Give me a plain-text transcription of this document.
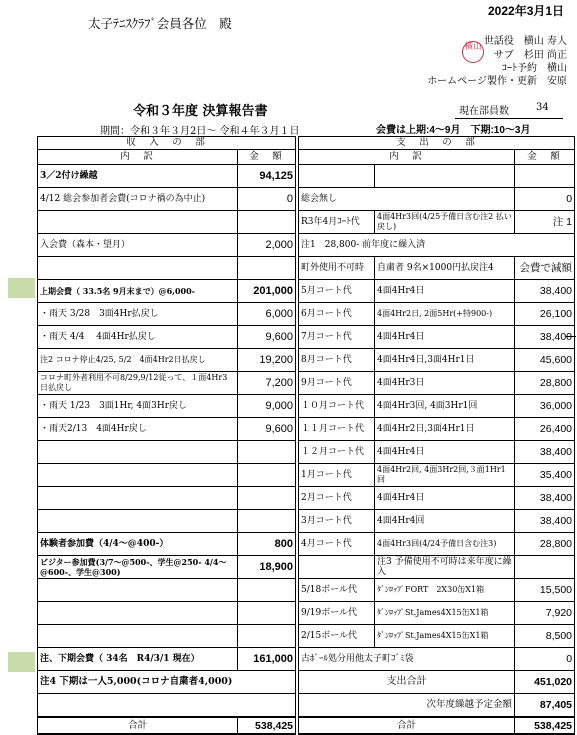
2022年3月1日
太子ﾃﾆｽｸﾗﾌﾞ会員各位　殿
世話役　横山 寿人
サブ　杉田 尚正
ｺｰﾄ予約　横山
ホームページ製作・更新　安原
横山
令和３年度 決算報告書
期間：令和３年３月2日～ 令和４年３月１日
現在部員数	34
会費は上期:4～9月　下期:10～3月
収　入　の　部			支　出　の　部		
内　訳	金　額		内　訳		金　額
3／2付け繰越	94,125				
4/12 総会参加者会費(コロナ禍の為中止)	0		総会無し		0
			R3年4月ｺｰﾄ代	4面4Hr3回(4/25予備日含む注2 払い戻し)	注 1
入会費（森本・望月）	2,000		注1　28,800- 前年度に繰入済		
			町外使用不可時	自粛者 9名×1000円払戻注4	会費で減額
上期会費（ 33.5名 9月末まで）@6,000-	201,000		5月コート代	4面4Hr4日	38,400
・雨天 3/28　3面4Hr払戻し	6,000		6月コート代	4面4Hr2日, 2面5Hr(+特900-)	26,100
・雨天 4/4　 4面4Hr払戻し	9,600		7月コート代	4面4Hr4日	38,400
注2 コロナ停止4/25, 5/2　4面4Hr2日払戻し	19,200		8月コート代	4面4Hr4日,3面4Hr1日	45,600
コロナ町外者利用不可8/29,9/12従って、１面4Hr3日払戻し	7,200		9月コート代	4面4Hr3日	28,800
・雨天 1/23　3面1Hr, 4面3Hr戻し	9,000		１０月コート代	4面4Hr3回, 4面3Hr1回	36,000
・雨天2/13　4面4Hr戻し	9,600		１１月コート代	4面4Hr2日,3面4Hr1日	26,400
			１２月コート代	4面4Hr4日	38,400
			1月コート代	4面4Hr2回, 4面3Hr2回,３面1Hr1回	35,400
			2月コート代	4面4Hr4日	38,400
			3月コート代	4面4Hr4回	38,400
体験者参加費（4/4～@400-）	800		4月コート代	4面4Hr3回(4/24予備日含む注3)	28,800
ビジター参加費(3/7～@500-、学生@250- 4/4～@600-、学生@300)	18,900			注3 予備使用不可時は来年度に繰入	
			5/18ボール代	ﾀﾞﾝﾛｯﾌﾟFORT　2X30缶X1箱	15,500
			9/19ボール代	ﾀﾞﾝﾛｯﾌﾟSt.James4X15缶X1箱	7,920
			2/15ボール代	ﾀﾞﾝﾛｯﾌﾟSt.James4X15缶X1箱	8,500
注、下期会費（ 34名　R4/3/1 現在）	161,000		古ﾎﾞｰﾙ処分用他太子町ｺﾞﾐ袋		0
注4 下期は一人5,000(コロナ自粛者4,000)			支出合計		451,020
			次年度繰越予定金額		87,405
合計	538,425		合計		538,425
